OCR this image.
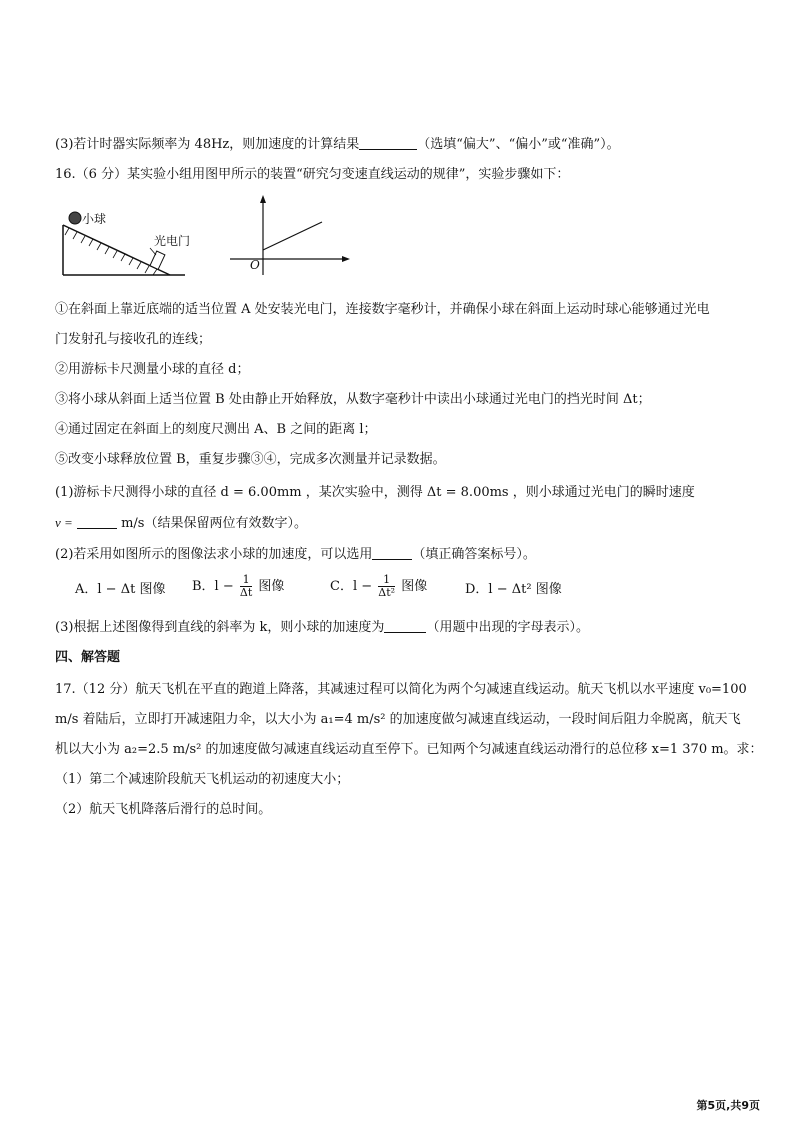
(3)若计时器实际频率为 48Hz，则加速度的计算结果	（选填“偏大”、“偏小”或“准确”）。
16.（6 分）某实验小组用图甲所示的装置“研究匀变速直线运动的规律”，实验步骤如下：
小球
光电门
O
①在斜面上靠近底端的适当位置 A 处安装光电门，连接数字毫秒计，并确保小球在斜面上运动时球心能够通过光电
门发射孔与接收孔的连线；
②用游标卡尺测量小球的直径 d；
③将小球从斜面上适当位置 B 处由静止开始释放，从数字毫秒计中读出小球通过光电门的挡光时间 Δt；
④通过固定在斜面上的刻度尺测出 A、B 之间的距离 l；
⑤改变小球释放位置 B，重复步骤③④，完成多次测量并记录数据。
(1)游标卡尺测得小球的直径 d = 6.00mm ，某次实验中，测得 Δt = 8.00ms ，则小球通过光电门的瞬时速度
v =	m/s（结果保留两位有效数字）。
(2)若采用如图所示的图像法求小球的加速度，可以选用	（填正确答案标号）。
A．l − Δt 图像 B．$l - \frac{1}{\Delta t}$ 图像	C．$l - \frac{1}{\text{Δt²}}$ 图像	D．l − Δt² 图像
(3)根据上述图像得到直线的斜率为 k，则小球的加速度为	（用题中出现的字母表示）。
四、解答题
17.（12 分）航天飞机在平直的跑道上降落，其减速过程可以简化为两个匀减速直线运动。航天飞机以水平速度 v₀=100
m/s 着陆后，立即打开减速阻力伞，以大小为 a₁=4 m/s² 的加速度做匀减速直线运动，一段时间后阻力伞脱离，航天飞
机以大小为 a₂=2.5 m/s² 的加速度做匀减速直线运动直至停下。已知两个匀减速直线运动滑行的总位移 x=1 370 m。求：
（1）第二个减速阶段航天飞机运动的初速度大小；
（2）航天飞机降落后滑行的总时间。
第5页,共9页
